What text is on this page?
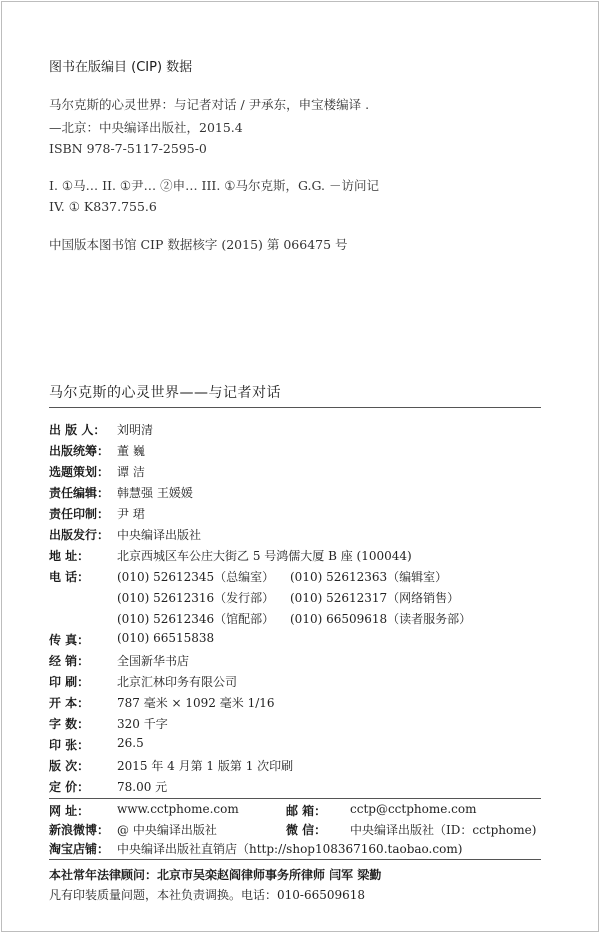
图书在版编目 (CIP) 数据
马尔克斯的心灵世界：与记者对话 / 尹承东，申宝楼编译 .
—北京：中央编译出版社，2015.4
ISBN 978-7-5117-2595-0
I. ①马… II. ①尹… ②申… III. ①马尔克斯，G.G. －访问记
IV. ① K837.755.6
中国版本图书馆 CIP 数据核字 (2015) 第 066475 号
马尔克斯的心灵世界——与记者对话
出 版 人： 刘明清
出版统筹： 董 巍
选题策划： 谭 洁
责任编辑： 韩慧强 王媛媛
责任印制： 尹 珺
出版发行： 中央编译出版社
地 址： 北京西城区车公庄大街乙 5 号鸿儒大厦 B 座 (100044)
电 话： (010) 52612345（总编室） (010) 52612363（编辑室）
(010) 52612316（发行部） (010) 52612317（网络销售）
(010) 52612346（馆配部） (010) 66509618（读者服务部）
传 真： (010) 66515838
经 销： 全国新华书店
印 刷： 北京汇林印务有限公司
开 本： 787 毫米 × 1092 毫米 1/16
字 数： 320 千字
印 张： 26.5
版 次： 2015 年 4 月第 1 版第 1 次印刷
定 价： 78.00 元
网 址： www.cctphome.com	邮 箱： cctp@cctphome.com
新浪微博： @ 中央编译出版社	微 信： 中央编译出版社（ID：cctphome)
本社常年法律顾问：北京市吴栾赵阎律师事务所律师 闫军 梁勤
凡有印装质量问题，本社负责调换。电话：010-66509618
淘宝店铺： 中央编译出版社直销店（http://shop108367160.taobao.com)
